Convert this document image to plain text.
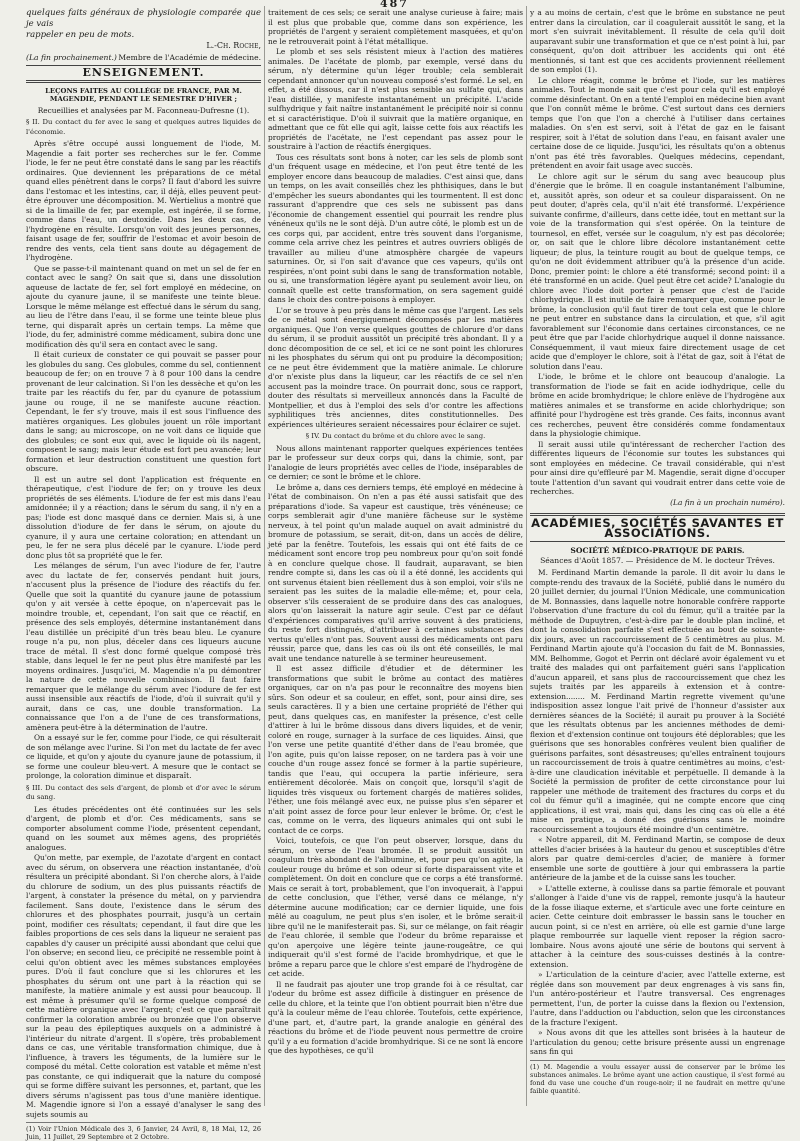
487
quelques faits généraux de physiologie comparée que je vais
rappeler en peu de mots.
L.-Ch. Roche,
(La fin prochainement.) Membre de l'Académie de médecine.
ENSEIGNEMENT.
LEÇONS FAITES AU COLLÉGE DE FRANCE, PAR M. MAGENDIE, PENDANT LE SEMESTRE D'HIVER ;
Recueillies et analysées par M. Faconneau-Dufresne (1).
§ II. Du contact du fer avec le sang et quelques autres liquides de l'économie.

Après s'être occupé aussi longuement de l'iode, M. Magendie a fait porter ses recherches sur le fer. Comme l'iode, le fer ne peut être constaté dans le sang par les réactifs ordinaires. Que deviennent les préparations de ce métal quand elles pénètrent dans le corps? Il faut d'abord les suivre dans l'estomac et les intestins, car, il déjà, elles peuvent peut-être éprouver une décomposition. M. Wertielius a montré que si de la limaille de fer, par exemple, est ingérée, il se forme, comme dans l'eau, un deutoxide. Dans les deux cas, de l'hydrogène en résulte. Lorsqu'on voit des jeunes personnes, faisant usage de fer, souffrir de l'estomac et avoir besoin de rendre des vents, cela tient sans doute au dégagement de l'hydrogène.

Que se passe-t-il maintenant quand on met un sel de fer en contact avec le sang? On sait que si, dans une dissolution aqueuse de lactate de fer, sel fort employé en médecine, on ajoute du cyanure jaune, il se manifeste une teinte bleue. Lorsque le même mélange est effectué dans le sérum du sang, au lieu de l'être dans l'eau, il se forme une teinte bleue plus terne, qui disparaît après un certain temps. La même que l'iode, du fer, administré comme médicament, subira donc une modification dès qu'il sera en contact avec le sang.

Il était curieux de constater ce qui pouvait se passer pour les globules du sang. Ces globules, comme du sel, contiennent beaucoup de fer; on en trouve 7 à 8 pour 100 dans la cendre provenant de leur calcination. Si l'on les dessèche et qu'on les traite par les réactifs du fer, par du cyanure de potassium jaune ou rouge, il ne se manifeste aucune réaction. Cependant, le fer s'y trouve, mais il est sous l'influence des matières organiques. Les globules jouent un rôle important dans le sang; au microscope, on ne voit dans ce liquide que des globules; ce sont eux qui, avec le liquide où ils nagent, composent le sang; mais leur étude est fort peu avancée; leur formation et leur destruction constituent une question fort obscure.

Il est un autre sel dont l'application est fréquente en thérapeutique, c'est l'iodure de fer; on y trouve les deux propriétés de ses éléments. L'iodure de fer est mis dans l'eau amidonnée; il y a réaction; dans le sérum du sang, il n'y en a pas; l'iode est donc masqué dans ce dernier. Mais si, à une dissolution d'iodure de fer dans le sérum, on ajoute du cyanure, il y aura une certaine coloration; en attendant un peu, le fer ne sera plus décelé par le cyanure. L'iode perd donc plus tôt sa propriété que le fer.

Les mélanges de sérum, l'un avec l'iodure de fer, l'autre avec du lactate de fer, conservés pendant huit jours, n'accusent plus la présence de l'iodure des réactifs du fer. Quelle que soit la quantité du cyanure jaune de potassium qu'on y ait versée à cette époque, on n'apercevait pas le moindre trouble, et, cependant, l'on sait que ce réactif, en présence des sels employés, détermine instantanément dans l'eau distillée un précipité d'un très beau bleu. Le cyanure rouge n'a pu, non plus, déceler dans ces liqueurs aucune trace de métal. Il s'est donc formé quelque composé très stable, dans lequel le fer ne peut plus être manifesté par les moyens ordinaires. Jusqu'ici, M. Magendie n'a pu démontrer la nature de cette nouvelle combinaison. Il faut faire remarquer que le mélange du sérum avec l'iodure de fer est aussi insensible aux réactifs de l'iode, d'où il suivrait qu'il y aurait, dans ce cas, une double transformation. La connaissance que l'on a de l'une de ces transformations, amènera peut-être à la détermination de l'autre.

On a essayé sur le fer, comme pour l'iode, ce qui résulterait de son mélange avec l'urine. Si l'on met du lactate de fer avec ce liquide, et qu'on y ajoute du cyanure jaune de potassium, il se forme une couleur bleu-vert. A mesure que le contact se prolonge, la coloration diminue et disparaît.

§ III. Du contact des sels d'argent, de plomb et d'or avec le sérum du sang.

Les études précédentes ont été continuées sur les sels d'argent, de plomb et d'or. Ces médicaments, sans se comporter absolument comme l'iode, présentent cependant, quand on les soumet aux mêmes agens, des propriétés analogues.

Qu'on mette, par exemple, de l'azotate d'argent en contact avec du sérum, on observera une réaction instantanée, d'où résultera un précipité abondant. Si l'on cherche alors, à l'aide du chlorure de sodium, un des plus puissants réactifs de l'argent, à constater la présence du métal, on y parviendra facilement. Sans doute, l'existence dans le sérum des chlorures et des phosphates pourrait, jusqu'à un certain point, modifier ces résultats; cependant, il faut dire que les faibles proportions de ces sels dans la liqueur ne seraient pas capables d'y causer un précipité aussi abondant que celui que l'on observe; en second lieu, ce précipité ne ressemble point à celui qu'on obtient avec les mêmes substances employées pures. D'où il faut conclure que si les chlorures et les phosphates du sérum ont une part à la réaction qui se manifeste, la matière animale y est aussi pour beaucoup. Il est même à présumer qu'il se forme quelque composé de cette matière organique avec l'argent; c'est ce que paraîtrait confirmer la coloration ambrée ou bronzée que l'on observe sur la peau des épileptiques auxquels on a administré à l'intérieur du nitrate d'argent. Il s'opère, très probablement dans ce cas, une véritable transformation chimique, due à l'influence, à travers les téguments, de la lumière sur le composé du métal. Cette coloration est vatable et même n'est pas constante, ce qui indiquerait que la nature du composé qui se forme diffère suivant les personnes, et, partant, que les divers sérums n'agissent pas tous d'une manière identique. M. Magendie ignore si l'on a essayé d'analyser le sang des sujets soumis au

(1) Voir l'Union Médicale des 3, 6 Janvier, 24 Avril, 8, 18 Mai, 12, 26 Juin, 11 Juillet, 29 Septembre et 2 Octobre.

traitement de ces sels; ce serait une analyse curieuse à faire; mais il est plus que probable que, comme dans son expérience, les propriétés de l'argent y seraient complètement masquées, et qu'on ne le retrouverait point à l'état métallique.

Le plomb et ses sels résistent mieux à l'action des matières animales. De l'acétate de plomb, par exemple, versé dans du sérum, n'y détermine qu'un léger trouble; cela semblerait cependant annoncer qu'un nouveau composé s'est formé. Le sel, en effet, a été dissous, car il n'est plus sensible au sulfate qui, dans l'eau distillée, y manifeste instantanément un précipité. L'acide sulfhydrique y fait naître instantanément le précipité noir si connu et si caractéristique. D'où il suivrait que la matière organique, en admettant que ce fût elle qui agît, laisse cette fois aux réactifs les propriétés de l'acétate, ne l'est cependant pas assez pour le soustraire à l'action de réactifs énergiques.

Tous ces résultats sont bons à noter, car les sels de plomb sont d'un fréquent usage en médecine, et l'on peut être tenté de les employer encore dans beaucoup de maladies. C'est ainsi que, dans un temps, on les avait conseillés chez les phthisiques, dans le but d'empêcher les sueurs abondantes qui les tourmentent. Il est donc rassurant d'apprendre que ces sels ne subissent pas dans l'économie de changement essentiel qui pourrait les rendre plus vénéneux qu'ils ne le sont déjà. D'un autre côté, le plomb est un de ces corps qui, par accident, entre très souvent dans l'organisme, comme cela arrive chez les peintres et autres ouvriers obligés de travailler au milieu d'une atmosphère chargée de vapeurs saturnines. Or, si l'on sait d'avance que ces vapeurs, qu'ils ont respirées, n'ont point subi dans le sang de transformation notable, ou si, une transformation légère ayant pu seulement avoir lieu, on connaît quelle est cette transformation, on sera sagement guidé dans le choix des contre-poisons à employer.

L'or se trouve à peu près dans le même cas que l'argent. Les sels de ce métal sont énergiquement décomposés par les matières organiques. Que l'on verse quelques gouttes de chlorure d'or dans du sérum, il se produit aussitôt un précipité très abondant. Il y a donc décomposition de ce sel, et ici ce ne sont point les chlorures ni les phosphates du sérum qui ont pu produire la décomposition; ce ne peut être évidemment que la matière animale. Le chlorure d'or n'existe plus dans la liqueur, car les réactifs de ce sel n'en accusent pas la moindre trace. On pourrait donc, sous ce rapport, douter des résultats si merveilleux annoncés dans la Faculté de Montpellier, et dus à l'emploi des sels d'or contre les affections syphilitiques très anciennes, dites constitutionnelles. Des expériences ultérieures seraient nécessaires pour éclairer ce sujet.

§ IV. Du contact du brôme et du chlore avec le sang.

Nous allons maintenant rapporter quelques expériences tentées par le professeur sur deux corps qui, dans la chimie, sont, par l'analogie de leurs propriétés avec celles de l'iode, inséparables de ce dernier; ce sont le brôme et le chlore.

Le brôme a, dans ces derniers temps, été employé en médecine à l'état de combinaison. On n'en a pas été aussi satisfait que des préparations d'iode. Sa vapeur est caustique, très vénéneuse; ce corps semblerait agir d'une manière fâcheuse sur le système nerveux, à tel point qu'un malade auquel on avait administré du bromure de potassium, se serait, dit-on, dans un accès de délire, jeté par la fenêtre. Toutefois, les essais qui ont été faits de ce médicament sont encore trop peu nombreux pour qu'on soit fondé à en conclure quelque chose. Il faudrait, auparavant, se bien rendre compte si, dans les cas où il a été donné, les accidents qui ont survenus étaient bien réellement dus à son emploi, voir s'ils ne seraient pas les suites de la maladie elle-même; et, pour cela, observer s'ils cesseraient de se produire dans des cas analogues, alors qu'on laisserait la nature agir seule. C'est par ce défaut d'expériences comparatives qu'il arrive souvent à des praticiens, du reste fort distingués, d'attribuer à certaines substances des vertus qu'elles n'ont pas. Souvent aussi des médicaments ont paru réussir, parce que, dans les cas où ils ont été conseillés, le mal avait une tendance naturelle à se terminer heureusement.

Il est assez difficile d'étudier et de déterminer les transformations que subit le brôme au contact des matières organiques, car on n'a pas pour le reconnaître des moyens bien sûrs. Son odeur et sa couleur, en effet, sont, pour ainsi dire, ses seuls caractères. Il y a bien une certaine propriété de l'éther qui peut, dans quelques cas, en manifester la présence, c'est celle d'attirer à lui le brôme dissous dans divers liquides, et de venir, coloré en rouge, surnager à la surface de ces liquides. Ainsi, que l'on verse une petite quantité d'éther dans de l'eau bromée, que l'on agite, puis qu'on laisse reposer, on ne tardera pas à voir une couche d'un rouge assez foncé se former à la partie supérieure, tandis que l'eau, qui occupera la partie inférieure, sera entièrement décolorée. Mais on conçoit que, lorsqu'il s'agit de liquides très visqueux ou fortement chargés de matières solides, l'éther, une fois mélangé avec eux, ne puisse plus s'en séparer et n'ait point assez de force pour leur enlever le brôme. Or, c'est le cas, comme on le verra, des liqueurs animales qui ont subi le contact de ce corps.

Voici, toutefois, ce que l'on peut observer, lorsque, dans du sérum, on verse de l'eau bromée. Il se produit aussitôt un coagulum très abondant de l'albumine, et, pour peu qu'on agite, la couleur rouge du brôme et son odeur si forte disparaissent vite et complètement. On doit en conclure que ce corps a été transformé. Mais ce serait à tort, probablement, que l'on invoquerait, à l'appui de cette conclusion, que l'éther, versé dans ce mélange, n'y détermine aucune modification; car ce dernier liquide, une fois mêlé au coagulum, ne peut plus s'en isoler, et le brôme serait-il libre qu'il ne le manifesterait pas. Si, sur ce mélange, on fait réagir de l'eau chlorée, il semble que l'odeur du brôme reparaisse et qu'on aperçoive une légère teinte jaune-rougeâtre, ce qui indiquerait qu'il s'est formé de l'acide bromhydrique, et que le brôme a reparu parce que le chlore s'est emparé de l'hydrogène de cet acide.

Il ne faudrait pas ajouter une trop grande foi à ce résultat, car l'odeur du brôme est assez difficile à distinguer en présence de celle du chlore, et la teinte que l'on obtient pourrait bien n'être due qu'à la couleur même de l'eau chlorée. Toutefois, cette expérience, d'une part, et, d'autre part, la grande analogie en général des réactions du brôme et de l'iode peuvent nous permettre de croire qu'il y a eu formation d'acide bromhydrique. Si ce ne sont là encore que des hypothèses, ce qu'il

y a au moins de certain, c'est que le brôme en substance ne peut entrer dans la circulation, car il coagulerait aussitôt le sang, et la mort s'en suivrait inévitablement. Il résulte de cela qu'il doit auparavant subir une transformation et que ce n'est point à lui, par conséquent, qu'on doit attribuer les accidents qui ont été mentionnés, si tant est que ces accidents proviennent réellement de son emploi (1).

Le chlore réagit, comme le brôme et l'iode, sur les matières animales. Tout le monde sait que c'est pour cela qu'il est employé comme désinfectant. On en a tenté l'emploi en médecine bien avant que l'on connût même le brôme. C'est surtout dans ces derniers temps que l'on que l'on a cherché à l'utiliser dans certaines maladies. On s'en est servi, soit à l'état de gaz en le faisant respirer, soit à l'état de solution dans l'eau, en faisant avaler une certaine dose de ce liquide. Jusqu'ici, les résultats qu'on a obtenus n'ont pas été très favorables. Quelques médecins, cependant, prétendent en avoir fait usage avec succès.

Le chlore agit sur le sérum du sang avec beaucoup plus d'énergie que le brôme. Il en coagule instantanément l'albumine, et, aussitôt après, son odeur et sa couleur disparaissent. On ne peut douter, d'après cela, qu'il n'ait été transformé. L'expérience suivante confirme, d'ailleurs, dans cette idée, tout en mettant sur la voie de la transformation qui s'est opérée. On la teinture de tournesol, en effet, versée sur le coagulum, n'y est pas décolorée; or, on sait que le chlore libre décolore instantanément cette liqueur; de plus, la teinture rougit au bout de quelque temps, ce qu'on ne doit évidemment attribuer qu'à la présence d'un acide. Donc, premier point: le chlore a été transformé; second point: il a été transformé en un acide. Quel peut être cet acide? L'analogie du chlore avec l'iode doit porter à penser que c'est de l'acide chlorhydrique. Il est inutile de faire remarquer que, comme pour le brôme, la conclusion qu'il faut tirer de tout cela est que le chlore ne peut entrer en substance dans la circulation, et que, s'il agit favorablement sur l'économie dans certaines circonstances, ce ne peut être que par l'acide chlorhydrique auquel il donne naissance. Conséquemment, il vaut mieux faire directement usage de cet acide que d'employer le chlore, soit à l'état de gaz, soit à l'état de solution dans l'eau.

L'iode, le brôme et le chlore ont beaucoup d'analogie. La transformation de l'iode se fait en acide iodhydrique, celle du brôme en acide bromhydrique; le chlore enlève de l'hydrogène aux matières animales et se transforme en acide chlorhydrique; son affinité pour l'hydrogène est très grande. Ces faits, inconnus avant ces recherches, peuvent être considérés comme fondamentaux dans la physiologie chimique.

Il serait aussi utile qu'intéressant de rechercher l'action des différentes liqueurs de l'économie sur toutes les substances qui sont employées en médecine. Ce travail considérable, qui n'est pour ainsi dire qu'effleuré par M. Magendie, serait digne d'occuper toute l'attention d'un savant qui voudrait entrer dans cette voie de recherches.

(La fin à un prochain numéro).
ACADÉMIES, SOCIÉTÉS SAVANTES ET ASSOCIATIONS.
SOCIÉTÉ MÉDICO-PRATIQUE DE PARIS.
Séances d'Août 1857. — Présidence de M. le docteur Trêves.

M. Ferdinand Martin demande la parole. Il dit avoir lu dans le compte-rendu des travaux de la Société, publié dans le numéro du 20 juillet dernier, du journal l'Union Médicale, une communication de M. Bonnassies, dans laquelle notre honorable confrère rapporte l'observation d'une fracture du col du fémur, qu'il a traitée par la méthode de Dupuytren, c'est-à-dire par le double plan incliné, et dont la consolidation parfaite s'est effectuée au bout de soixante-dix jours, avec un raccourcissement de 5 centimètres au plus. M. Ferdinand Martin ajoute qu'à l'occasion du fait de M. Bonnassies, MM. Belhomme, Gogot et Perrin ont déclaré avoir également vu et traité des malades qui ont parfaitement guéri sans l'application d'aucun appareil, et sans plus de raccourcissement que chez les sujets traités par les appareils à extension et à contre-extension........ M. Ferdinand Martin regrette vivement qu'une indisposition assez longue l'ait privé de l'honneur d'assister aux dernières séances de la Société; il aurait pu prouver à la Société que les résultats obtenus par les anciennes méthodes de demi-flexion et d'extension continue ont toujours été déplorables; que les guérisons que ses honorables confrères veulent bien qualifier de guérisons parfaites, sont désastreuses; qu'elles entraînent toujours un raccourcissement de trois à quatre centimètres au moins, c'est-à-dire une claudication inévitable et perpétuelle. Il demande à la Société la permission de profiter de cette circonstance pour lui rappeler une méthode de traitement des fractures du corps et du col du fémur qu'il a imaginée, qui ne compte encore que cinq applications, il est vrai, mais qui, dans les cinq cas où elle a été mise en pratique, a donné des guérisons sans le moindre raccourcissement a toujours été moindre d'un centimètre.

« Notre appareil, dit M. Ferdinand Martin, se compose de deux attelles d'acier brisées à la hauteur du genou et susceptibles d'être alors par quatre demi-cercles d'acier, de manière à former ensemble une sorte de gouttière à jour qui embrassera la partie antérieure de la jambe et de la cuisse sans les toucher.

» L'attelle externe, à coulisse dans sa partie fémorale et pouvant s'allonger à l'aide d'une vis de rappel, remonte jusqu'à la hauteur de la fosse iliaque externe, et s'articule avec une forte ceinture en acier. Cette ceinture doit embrasser le bassin sans le toucher en aucun point, si ce n'est en arrière, où elle est garnie d'une large plaque rembourrée sur laquelle vient reposer la région sacro-lombaire. Nous avons ajouté une série de boutons qui servent à attacher à la ceinture des sous-cuisses destinés à la contre-extension.

» L'articulation de la ceinture d'acier, avec l'attelle externe, est réglée dans son mouvement par deux engrenages à vis sans fin, l'un antéro-postérieur et l'autre transversal. Ces engrenages permettent, l'un, de porter la cuisse dans la flexion ou l'extension, l'autre, dans l'adduction ou l'abduction, selon que les circonstances de la fracture l'exigent.

» Nous avons dit que les attelles sont brisées à la hauteur de l'articulation du genou; cette brisure présente aussi un engrenage sans fin qui

(1) M. Magendie a voulu essayer aussi de conserver par le brôme les substances animales. Le brôme ayant une action caustique, il s'est formé au fond du vase une couche d'un rouge-noir; il ne faudrait en mettre qu'une faible quantité.
